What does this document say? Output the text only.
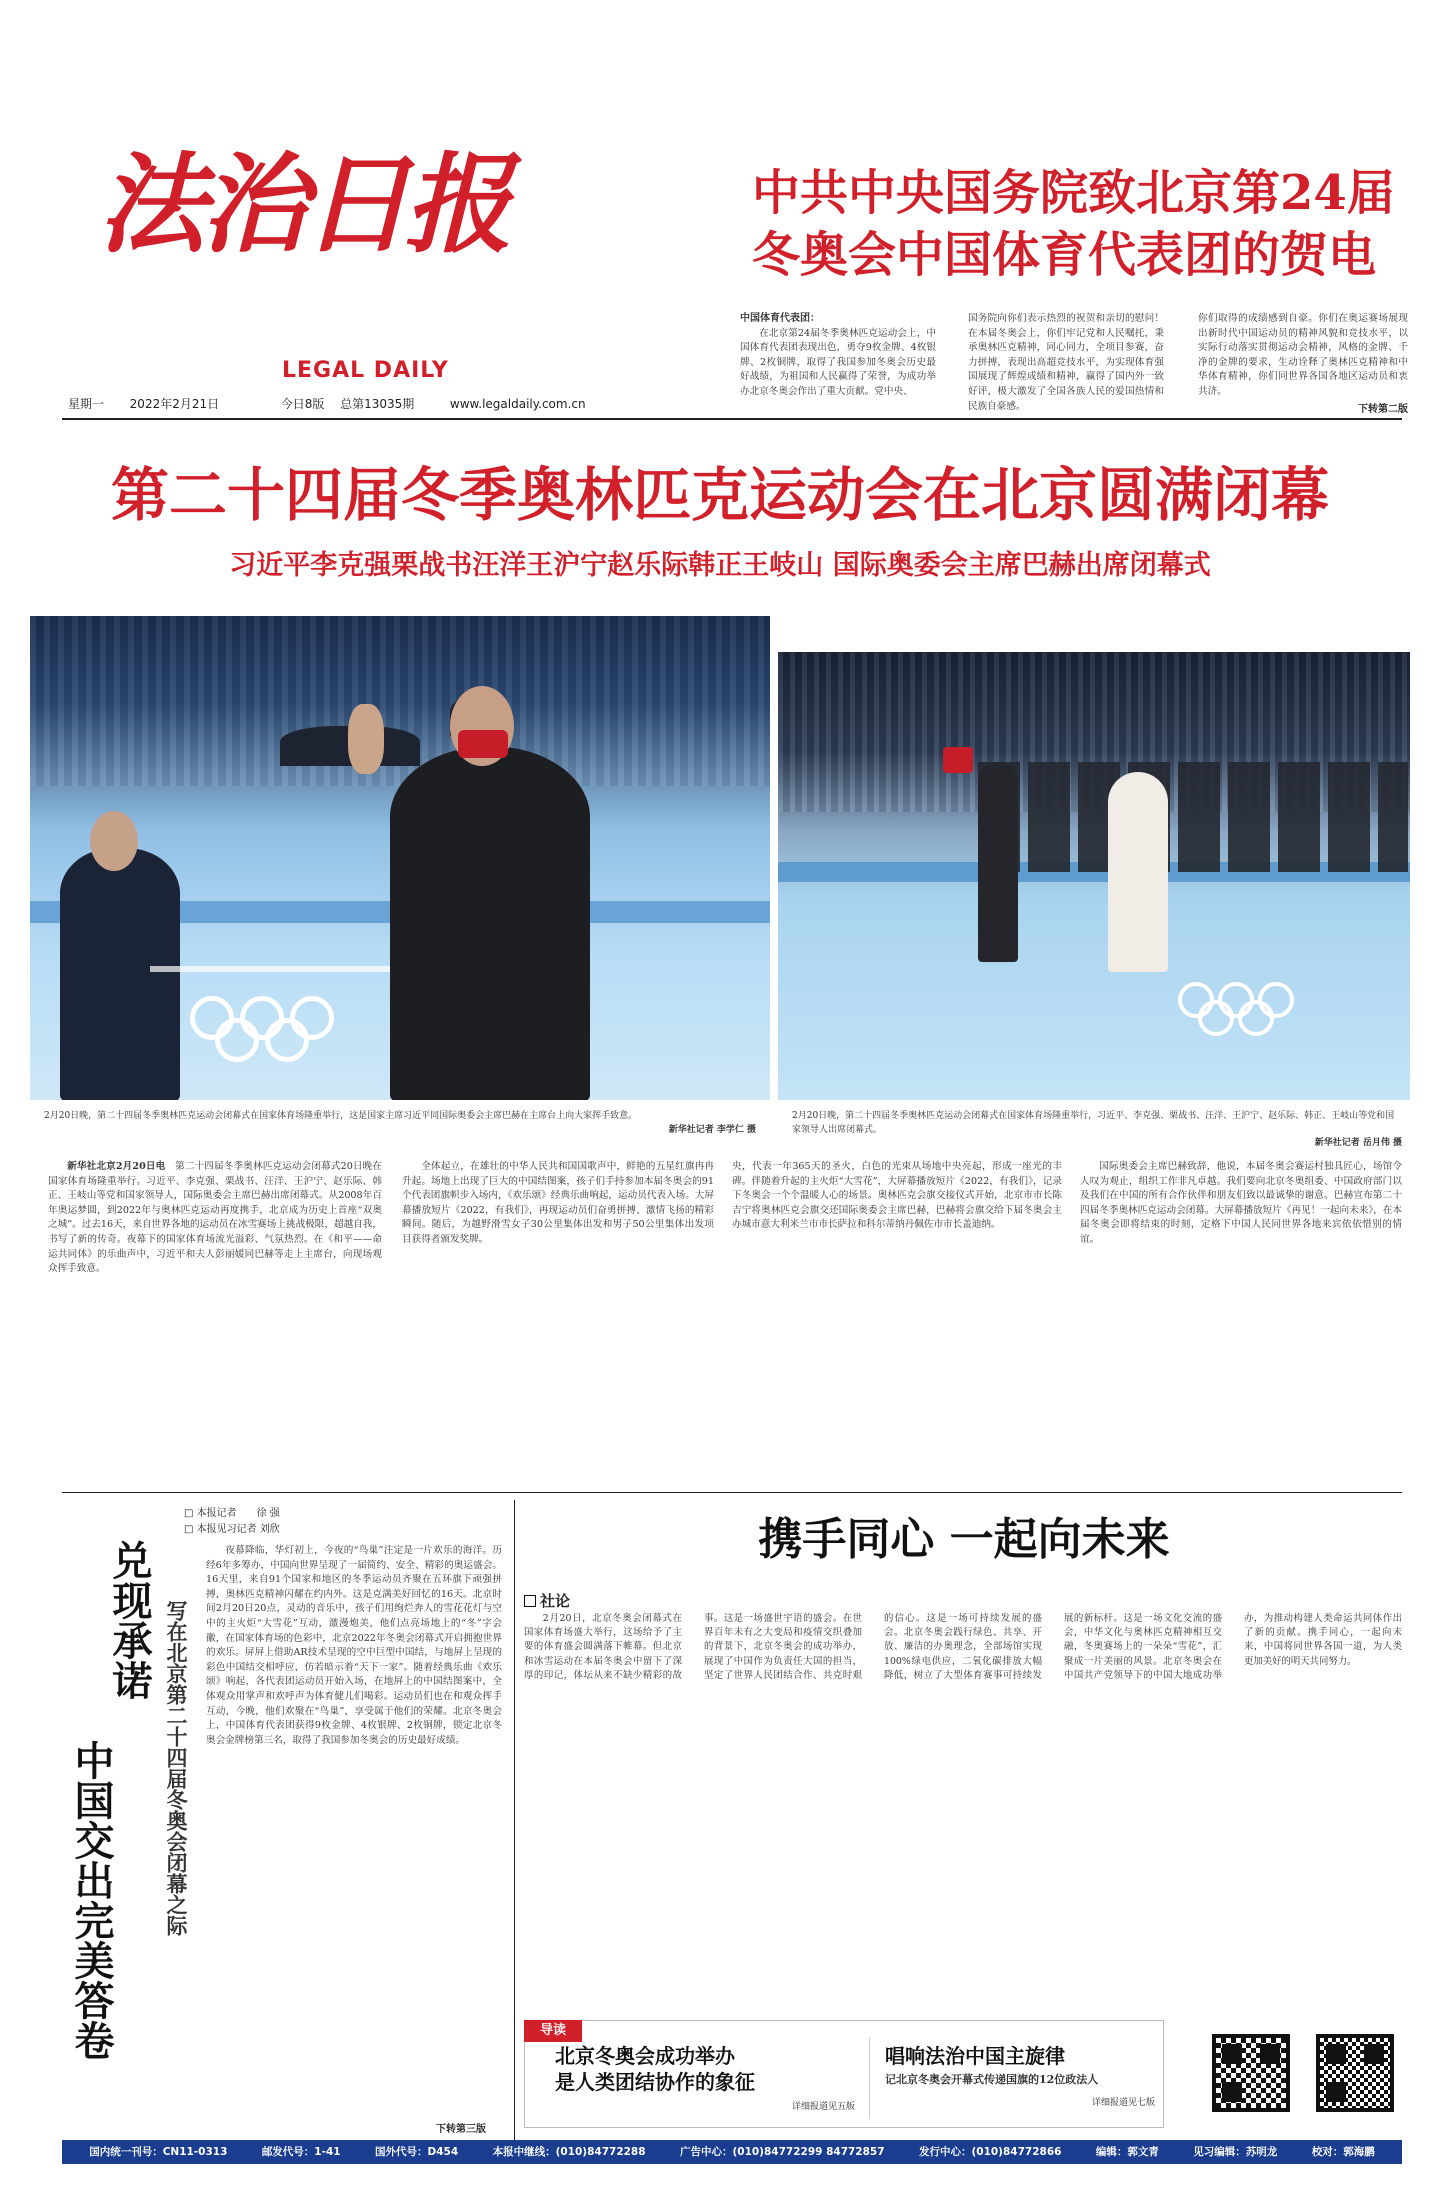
法治日报
LEGAL DAILY
星期一 2022年2月21日	今日8版 总第13035期	www.legaldaily.com.cn
中共中央国务院致北京第24届
冬奥会中国体育代表团的贺电
中国体育代表团：

在北京第24届冬季奥林匹克运动会上，中国体育代表团表现出色，勇夺9枚金牌、4枚银牌、2枚铜牌，取得了我国参加冬奥会历史最好战绩，为祖国和人民赢得了荣誉，为成功举办北京冬奥会作出了重大贡献。党中央、

国务院向你们表示热烈的祝贺和亲切的慰问！在本届冬奥会上，你们牢记党和人民嘱托，秉承奥林匹克精神，同心同力，全项目参赛，奋力拼搏，表现出高超竞技水平，为实现体育强国展现了辉煌成绩和精神，赢得了国内外一致好评，极大激发了全国各族人民的爱国热情和民族自豪感。

你们取得的成绩感到自豪。你们在奥运赛场展现出新时代中国运动员的精神风貌和竞技水平，以实际行动落实贯彻运动会精神，风格的金牌、千净的金牌的要求，生动诠释了奥林匹克精神和中华体育精神，你们同世界各国各地区运动员和衷共济。

下转第二版
第二十四届冬季奥林匹克运动会在北京圆满闭幕
习近平李克强栗战书汪洋王沪宁赵乐际韩正王岐山 国际奥委会主席巴赫出席闭幕式
2月20日晚，第二十四届冬季奥林匹克运动会闭幕式在国家体育场隆重举行，这是国家主席习近平同国际奥委会主席巴赫在主席台上向大家挥手致意。
新华社记者 李学仁 摄
2月20日晚，第二十四届冬季奥林匹克运动会闭幕式在国家体育场隆重举行，习近平、李克强、栗战书、汪洋、王沪宁、赵乐际、韩正、王岐山等党和国家领导人出席闭幕式。
新华社记者 岳月伟 摄

新华社北京2月20日电　 第二十四届冬季奥林匹克运动会闭幕式20日晚在国家体育场隆重举行。习近平、李克强、栗战书、汪洋、王沪宁、赵乐际、韩正、王岐山等党和国家领导人，国际奥委会主席巴赫出席闭幕式。从2008年百年奥运梦圆，到2022年与奥林匹克运动再度携手，北京成为历史上首座“双奥之城”。过去16天，来自世界各地的运动员在冰雪赛场上挑战极限，超越自我，书写了新的传奇。夜幕下的国家体育场流光溢彩、气氛热烈。在《和平——命运共同体》的乐曲声中，习近平和夫人彭丽媛同巴赫等走上主席台，向现场观众挥手致意。

全体起立，在雄壮的中华人民共和国国歌声中，鲜艳的五星红旗冉冉升起。场地上出现了巨大的中国结图案，孩子们手持参加本届冬奥会的91个代表团旗帜步入场内，《欢乐颂》经典乐曲响起，运动员代表入场。大屏幕播放短片《2022，有我们》，再现运动员们奋勇拼搏、激情飞扬的精彩瞬间。随后，为越野滑雪女子30公里集体出发和男子50公里集体出发项目获得者颁发奖牌。

央，代表一年365天的圣火，白色的光束从场地中央亮起，形成一座光的丰碑。伴随着升起的主火炬“大雪花”，大屏幕播放短片《2022，有我们》，记录下冬奥会一个个温暖人心的场景。奥林匹克会旗交接仪式开始，北京市市长陈吉宁将奥林匹克会旗交还国际奥委会主席巴赫，巴赫将会旗交给下届冬奥会主办城市意大利米兰市市长萨拉和科尔蒂纳丹佩佐市市长盖迪纳。

国际奥委会主席巴赫致辞，他说，本届冬奥会赛运村独具匠心，场馆令人叹为观止，组织工作非凡卓越。我们要向北京冬奥组委、中国政府部门以及我们在中国的所有合作伙伴和朋友们致以最诚挚的谢意。巴赫宣布第二十四届冬季奥林匹克运动会闭幕。大屏幕播放短片《再见！一起向未来》，在本届冬奥会即将结束的时刻，定格下中国人民同世界各地来宾依依惜别的情谊。

兑现承诺
中国交出完美答卷 写在北京第二十四届冬奥会闭幕之际
□ 本报记者　　徐 强
□ 本报见习记者 刘欣

夜幕降临，华灯初上，今夜的“鸟巢”注定是一片欢乐的海洋。历经6年多筹办，中国向世界呈现了一届简约、安全、精彩的奥运盛会。16天里，来自91个国家和地区的冬季运动员齐聚在五环旗下顽强拼搏，奥林匹克精神闪耀在约内外。这是克满美好回忆的16天。北京时间2月20日20点，灵动的音乐中，孩子们用绚烂奔人的雪花花灯与空中的主火炬“大雪花”互动，激漫炮美，他们点亮场地上的“冬”字会徽，在国家体育场的色彩中，北京2022年冬奥会闭幕式开启拥抱世界的欢乐。屏屏上借助AR技术呈现的空中巨型中国结，与地屏上呈现的彩色中国结交相呼应，仿若暗示着“天下一家”。随着经典乐曲《欢乐颂》响起，各代表团运动员开始入场，在地屏上的中国结图案中，全体观众用掌声和欢呼声为体育健儿们喝彩。运动员们也在和观众挥手互动，今晚，他们欢聚在“鸟巢”，享受属于他们的荣耀。北京冬奥会上，中国体育代表团获得9枚金牌、4枚银牌、2枚铜牌，锁定北京冬奥会金牌榜第三名，取得了我国参加冬奥会的历史最好成绩。

下转第三版
携手同心 一起向未来
社论

2月20日，北京冬奥会闭幕式在国家体育场盛大举行，这场给予了主要的体育盛会圆满落下帷幕。但北京和冰雪运动在本届冬奥会中留下了深厚的印记，体坛从来不缺少精彩的故事。这是一场盛世宇语的盛会。在世界百年未有之大变局和疫情交织叠加的背景下，北京冬奥会的成功举办，展现了中国作为负责任大国的担当，坚定了世界人民团结合作、共克时艰的信心。这是一场可持续发展的盛会。北京冬奥会践行绿色、共享、开放、廉洁的办奥理念，全部场馆实现100%绿电供应，二氧化碳排放大幅降低，树立了大型体育赛事可持续发展的新标杆。这是一场文化交流的盛会，中华文化与奥林匹克精神相互交融，冬奥赛场上的一朵朵“雪花”，汇聚成一片美丽的风景。北京冬奥会在中国共产党领导下的中国大地成功举办，为推动构建人类命运共同体作出了新的贡献。携手同心，一起向未来，中国将同世界各国一道，为人类更加美好的明天共同努力。

导读
北京冬奥会成功举办
是人类团结协作的象征
详细报道见五版
唱响法治中国主旋律
记北京冬奥会开幕式传递国旗的12位政法人
详细报道见七版
国内统一刊号：CN11-0313	邮发代号：1-41	国外代号：D454	本报中继线：(010)84772288	广告中心：(010)84772299 84772857	发行中心：(010)84772866	编辑：郭文青	见习编辑：苏明龙	校对：郭海鹏
